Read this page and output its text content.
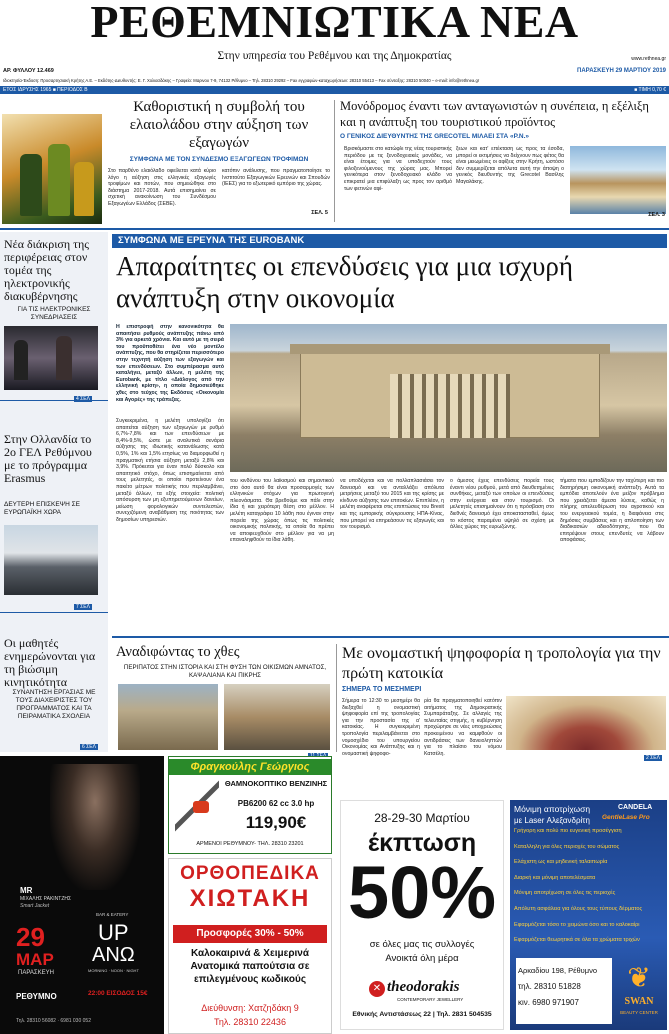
ΡΕΘΕΜΝΙΩΤΙΚΑ ΝΕΑ
Στην υπηρεσία του Ρεθέμνου και της Δημοκρατίας
ΑΡ. ΦΥΛΛΟΥ 12.469	ΠΑΡΑΣΚΕΥΗ 29 ΜΑΡΤΙΟΥ 2019
www.rethnea.gr
Ιδιοκτησία-Έκδοση: Προσαρτησιακή Κρήτης Α.Ε. – Εκδότης-Διευθυντής: Ε. Γ. Χολιασδάκης – Γραφείο: Μαρινου 7-9, 74132 Ρέθυμνο – Τηλ. 28310 29292 – Fax εγγραφών-καταχωρήσεων: 28310 55413 – Fax σύνταξης: 28310 50040 – e-mail: info@rethnea.gr
ΕΤΟΣ ΙΔΡΥΣΗΣ 1965 ■ ΠΕΡΙΟΔΟΣ Β	■ ΤΙΜΗ 0,70 €
Καθοριστική η συμβολή του ελαιολάδου στην αύξηση των εξαγωγών
ΣΥΜΦΩΝΑ ΜΕ ΤΟΝ ΣΥΝΔΕΣΜΟ ΕΞΑΓΩΓΕΩΝ ΤΡΟΦΙΜΩΝ

Στο παρθένο ελαιόλαδο οφείλεται κατά κύριο λόγο η αύξηση στις ελληνικές εξαγωγές τροφίμων και ποτών, που σημειώθηκε στο διάστημα 2017-2018. Αυτά επισημαίνει σε σχετική ανακοίνωση του Συνδέσμου Εξαγωγέων Ελλάδος (ΣΕΒΕ).

κατόπιν ανάλυσης, που πραγματοποίησε το Ινστιτούτο Εξαγωγικών Ερευνών και Σπουδών (ΙΕΕΣ) για το εξωτερικό εμπόριο της χώρας.

ΣΕΛ. 5
Μονόδρομος έναντι των ανταγωνιστών η συνέπεια, η εξέλιξη και η ανάπτυξη του τουριστικού προϊόντος
Ο ΓΕΝΙΚΟΣ ΔΙΕΥΘΥΝΤΗΣ ΤΗΣ GRECOTEL ΜΙΛΑΕΙ ΣΤΑ «Ρ.Ν.»

Βρισκόμαστε στο κατώφλι της νέας τουριστικής περιόδου με τις ξενοδοχειακές μονάδες, να είναι έτοιμες για να υποδεχτούν τους φιλοξενούμενους της χώρας μας. Μπορεί γενικότερα στον ξενοδοχειακό κλάδο να επικρατεί μια επιφύλαξη ως προς τον αριθμό των φετινών αφί-

ξεων και κατ' επέκταση ως προς τα έσοδα, μπορεί οι εκτιμήσεις να δείχνουν πως φέτος θα είναι μειωμένες οι αφίξεις στην Κρήτη, ωστόσο δεν συμμερίζεται απόλυτα αυτή την άποψη ο γενικός διευθυντής της Grecotel Βασίλης Μαγαλάκης.

ΣΕΛ. 3
Νέα διάκριση της περιφέρειας στον τομέα της ηλεκτρονικής διακυβέρνησης
ΓΙΑ ΤΙΣ ΗΛΕΚΤΡΟΝΙΚΕΣ ΣΥΝΕΔΡΙΑΣΕΙΣ
4 ΣΕΛ
Στην Ολλανδία το 2ο ΓΕΛ Ρεθύμνου με το πρόγραμμα Erasmus
ΔΕΥΤΕΡΗ ΕΠΙΣΚΕΨΗ ΣΕ ΕΥΡΩΠΑΪΚΗ ΧΩΡΑ
7 ΣΕΛ
Οι μαθητές ενημερώνονται για τη βιώσιμη κινητικότητα
ΣΥΝΑΝΤΗΣΗ ΕΡΓΑΣΙΑΣ ΜΕ ΤΟΥΣ ΔΙΑΧΕΙΡΙΣΤΕΣ ΤΟΥ ΠΡΟΓΡΑΜΜΑΤΟΣ ΚΑΙ ΤΑ ΠΕΙΡΑΜΑΤΙΚΑ ΣΧΟΛΕΙΑ
6 ΣΕΛ
ΣΥΜΦΩΝΑ ΜΕ ΕΡΕΥΝΑ ΤΗΣ EUROBANK
Απαραίτητες οι επενδύσεις για μια ισχυρή ανάπτυξη στην οικονομία

Η επιστροφή στην κανονικότητα θα απαιτήσει ρυθμούς ανάπτυξης πάνω από 3% για αρκετά χρόνια. Και αυτό με τη σειρά του προϋποθέτει ένα νέο μοντέλο ανάπτυξης, που θα στηρίζεται περισσότερο στην τεχνητή αύξηση των εξαγωγών και των επενδύσεων. Στο συμπέρασμα αυτό καταλήγει, μεταξύ άλλων, η μελέτη της Eurobank, με τίτλο «Διάλογος από την ελληνική κρίση», η οποία δημοσιεύθηκε χθες στο τεύχος της Εκδόσεις «Οικονομία και Αγορές» της τράπεζας.

Συγκεκριμένα, η μελέτη υπολογίζει ότι απαιτείται αύξηση των εξαγωγών με ρυθμό 6,7%-7,8% και των επενδύσεων με 8,4%-9,5%, ώστε με αναλυτικά σενάρια αύξησης της ιδιωτικής κατανάλωσης κατά 0,5%, 1% και 1,5% ετησίως να διαμορφωθεί η πραγματική ετήσια αύξηση μεταξύ 2,8% και 3,9%. Πρόκειται για έναν πολύ δύσκολο και απαιτητικό στόχο, όπως επισημαίνεται από τους μελετητές, οι οποίοι προτείνουν ένα πακέτο μέτρων πολιτικής που περιλαμβάνει, μεταξύ άλλων, τα εξής στοιχεία: πολιτική απόσυρση των μη εξυπηρετούμενων δανείων, μείωση φορολογικών συντελεστών, συνεχιζόμενη αναβάθμιση της ποιότητας των δημοσίων υπηρεσιών.

του κινδύνου του λαϊκισμού και σημαντικού στο όσο αυτό θα είναι προσαρμογές των ελληνικών στόχων για πρωτογενή πλεονάσματα. Θα βρεθούμε και πάλι στην ίδια ή και χειρότερη θέση στο μέλλον. Η μελέτη καταγράφει 10 λάθη που έγιναν στην πορεία της χώρας όπως τις πολιτικές οικονομικής πολιτικής, τα οποία θα πρέπει να αποφευχθούν στο μέλλον για να μη επαναληφθούν τα ίδια λάθη.

να υποδέχεται και να πολλαπλασιάσει τον δανεισμό και να ανταλλάξει απόλυτα μετρήσεις μεταξύ του 2015 και της κρίσης με κίνδυνο αύξησης των επιτοκίων. Επιπλέον, η μελέτη αναφέρεται στις επιπτώσεις του Brexit και της εμπορικής σύγκρουσης ΗΠΑ-Κίνας, που μπορεί να επηρεάσουν τις εξαγωγές και τον τουρισμό.

ο άμεσος έχεις επενδύσεις πορεία τους έναντι νέου ρυθμού, μετά από διευθετημένες συνθήκες, μεταξύ των οποίων οι επενδύσεις στην ενέργεια και στον τουρισμό. Οι μελετητές επισημαίνουν ότι η πρόσβαση στο διεθνές δανεισμό έχει αποκατασταθεί, όμως το κόστος παραμένει υψηλό σε σχέση με άλλες χώρες της ευρωζώνης.

τήματα που εμποδίζουν την ταχύτερη και πιο διατηρήσιμη οικονομική ανάπτυξη. Αυτά τα εμπόδια αποτελούν ένα μείζον πρόβλημα που χρειάζεται άμεσα λύσεις, καθώς η πλήρης απελευθέρωση του αγροτικού και του ενεργειακού τομέα, η διαφάνεια στις δημόσιες συμβάσεις και η απλοποίηση των διαδικασιών αδειοδότησης, που θα επιτρέψουν στους επενδυτές να λάβουν αποφάσεις.

Αναδιφώντας το χθες
ΠΕΡΙΠΑΤΟΣ ΣΤΗΝ ΙΣΤΟΡΙΑ ΚΑΙ ΣΤΗ ΦΥΣΗ ΤΩΝ ΟΙΚΙΣΜΩΝ ΑΜΝΑΤΟΣ, ΚΑΨΑΛΙΑΝΑ ΚΑΙ ΠΙΚΡΗΣ
Με ονομαστική ψηφοφορία η τροπολογία για την πρώτη κατοικία
ΣΗΜΕΡΑ ΤΟ ΜΕΣΗΜΕΡΙ

Σήμερα το 12:30 το μεσημέρι θα διεξαχθεί η ονομαστική ψηφοφορία επί της τροπολογίας για την προστασία της α' κατοικίας. Η συγκεκριμένη τροπολογία περιλαμβάνεται στο νομοσχέδιο του υπουργείου Οικονομίας και Ανάπτυξης και η ονομαστική ψηφοφο-

ρία θα πραγματοποιηθεί κατόπιν αιτήματος της Δημοκρατικής Συμπαράταξης. Σε αλλαγές της τελευταίας στιγμής, η κυβέρνηση προχώρησε σε νέες υποχρεώσεις προκειμένου να καμφθούν οι αντιδράσεις των δανειοληπτών για το πλαίσιο του νόμου Κατσέλη.

2 ΣΕΛ
MR
ΜΙΧΑΛΗΣ ΡΑΚΙΝΤΖΗΣ
Smart Jacket
29
ΜΑΡ
ΠΑΡΑΣΚΕΥΗ
BAR & EATERY
UP
ΑΝΩ
MORNING · NOON · NIGHT
22:00 ΕΙΣΟΔΟΣ 15€
ΡΕΘΥΜΝΟ
Τηλ. 28310 56082 · 6981 030 052
Φραγκούλης Γεώργιος
ΘΑΜΝΟΚΟΠΤΙΚΟ ΒΕΝΖΙΝΗΣ
PB6200 62 cc 3.0 hp
119,90€
ΑΡΜΕΝΟΙ ΡΕΘΥΜΝΟΥ- ΤΗΛ. 28310 23201
ΟΡΘΟΠΕΔΙΚΑ
ΧΙΩΤΑΚΗ
Προσφορές 30% - 50%
Καλοκαιρινά & Χειμερινά Ανατομικά παπούτσια σε επιλεγμένους κωδικούς
Διεύθυνση: Χατζηδάκη 9
Τηλ. 28310 22436
28-29-30 Μαρτίου
έκπτωση
50%
σε όλες μας τις συλλογές
Ανοικτά όλη μέρα
✕ theodorakis
CONTEMPORARY JEWELLERY
Εθνικής Αντιστάσεως 22 | Τηλ. 2831 504535
Μόνιμη αποτρίχωση
με Laser Αλεξανδρίτη
CANDELA
GentleLase Pro
Γρήγορη και πολύ πιο ευγενική προσέγγιση
Καταλληλη για όλες περιοχές του σώματος
Ελάχιστη ως και μηδενική ταλαιπωρία
Διαρκή και μόνιμη αποτελέσματα
Μόνιμη αποτρίχωση σε όλες τις περιοχές
Απόλυτη ασφάλεια για όλους τους τύπους δέρματος
Εφαρμόζεται τόσο το χειμώνα όσο και το καλοκαίρι
Εφαρμόζεται θεωρητικά σε όλα τα χρώματα τριχών
Αρκαδίου 198, Ρέθυμνο
τηλ. 28310 51828
κιν. 6980 971907
❦
SWAN
BEAUTY CENTER
